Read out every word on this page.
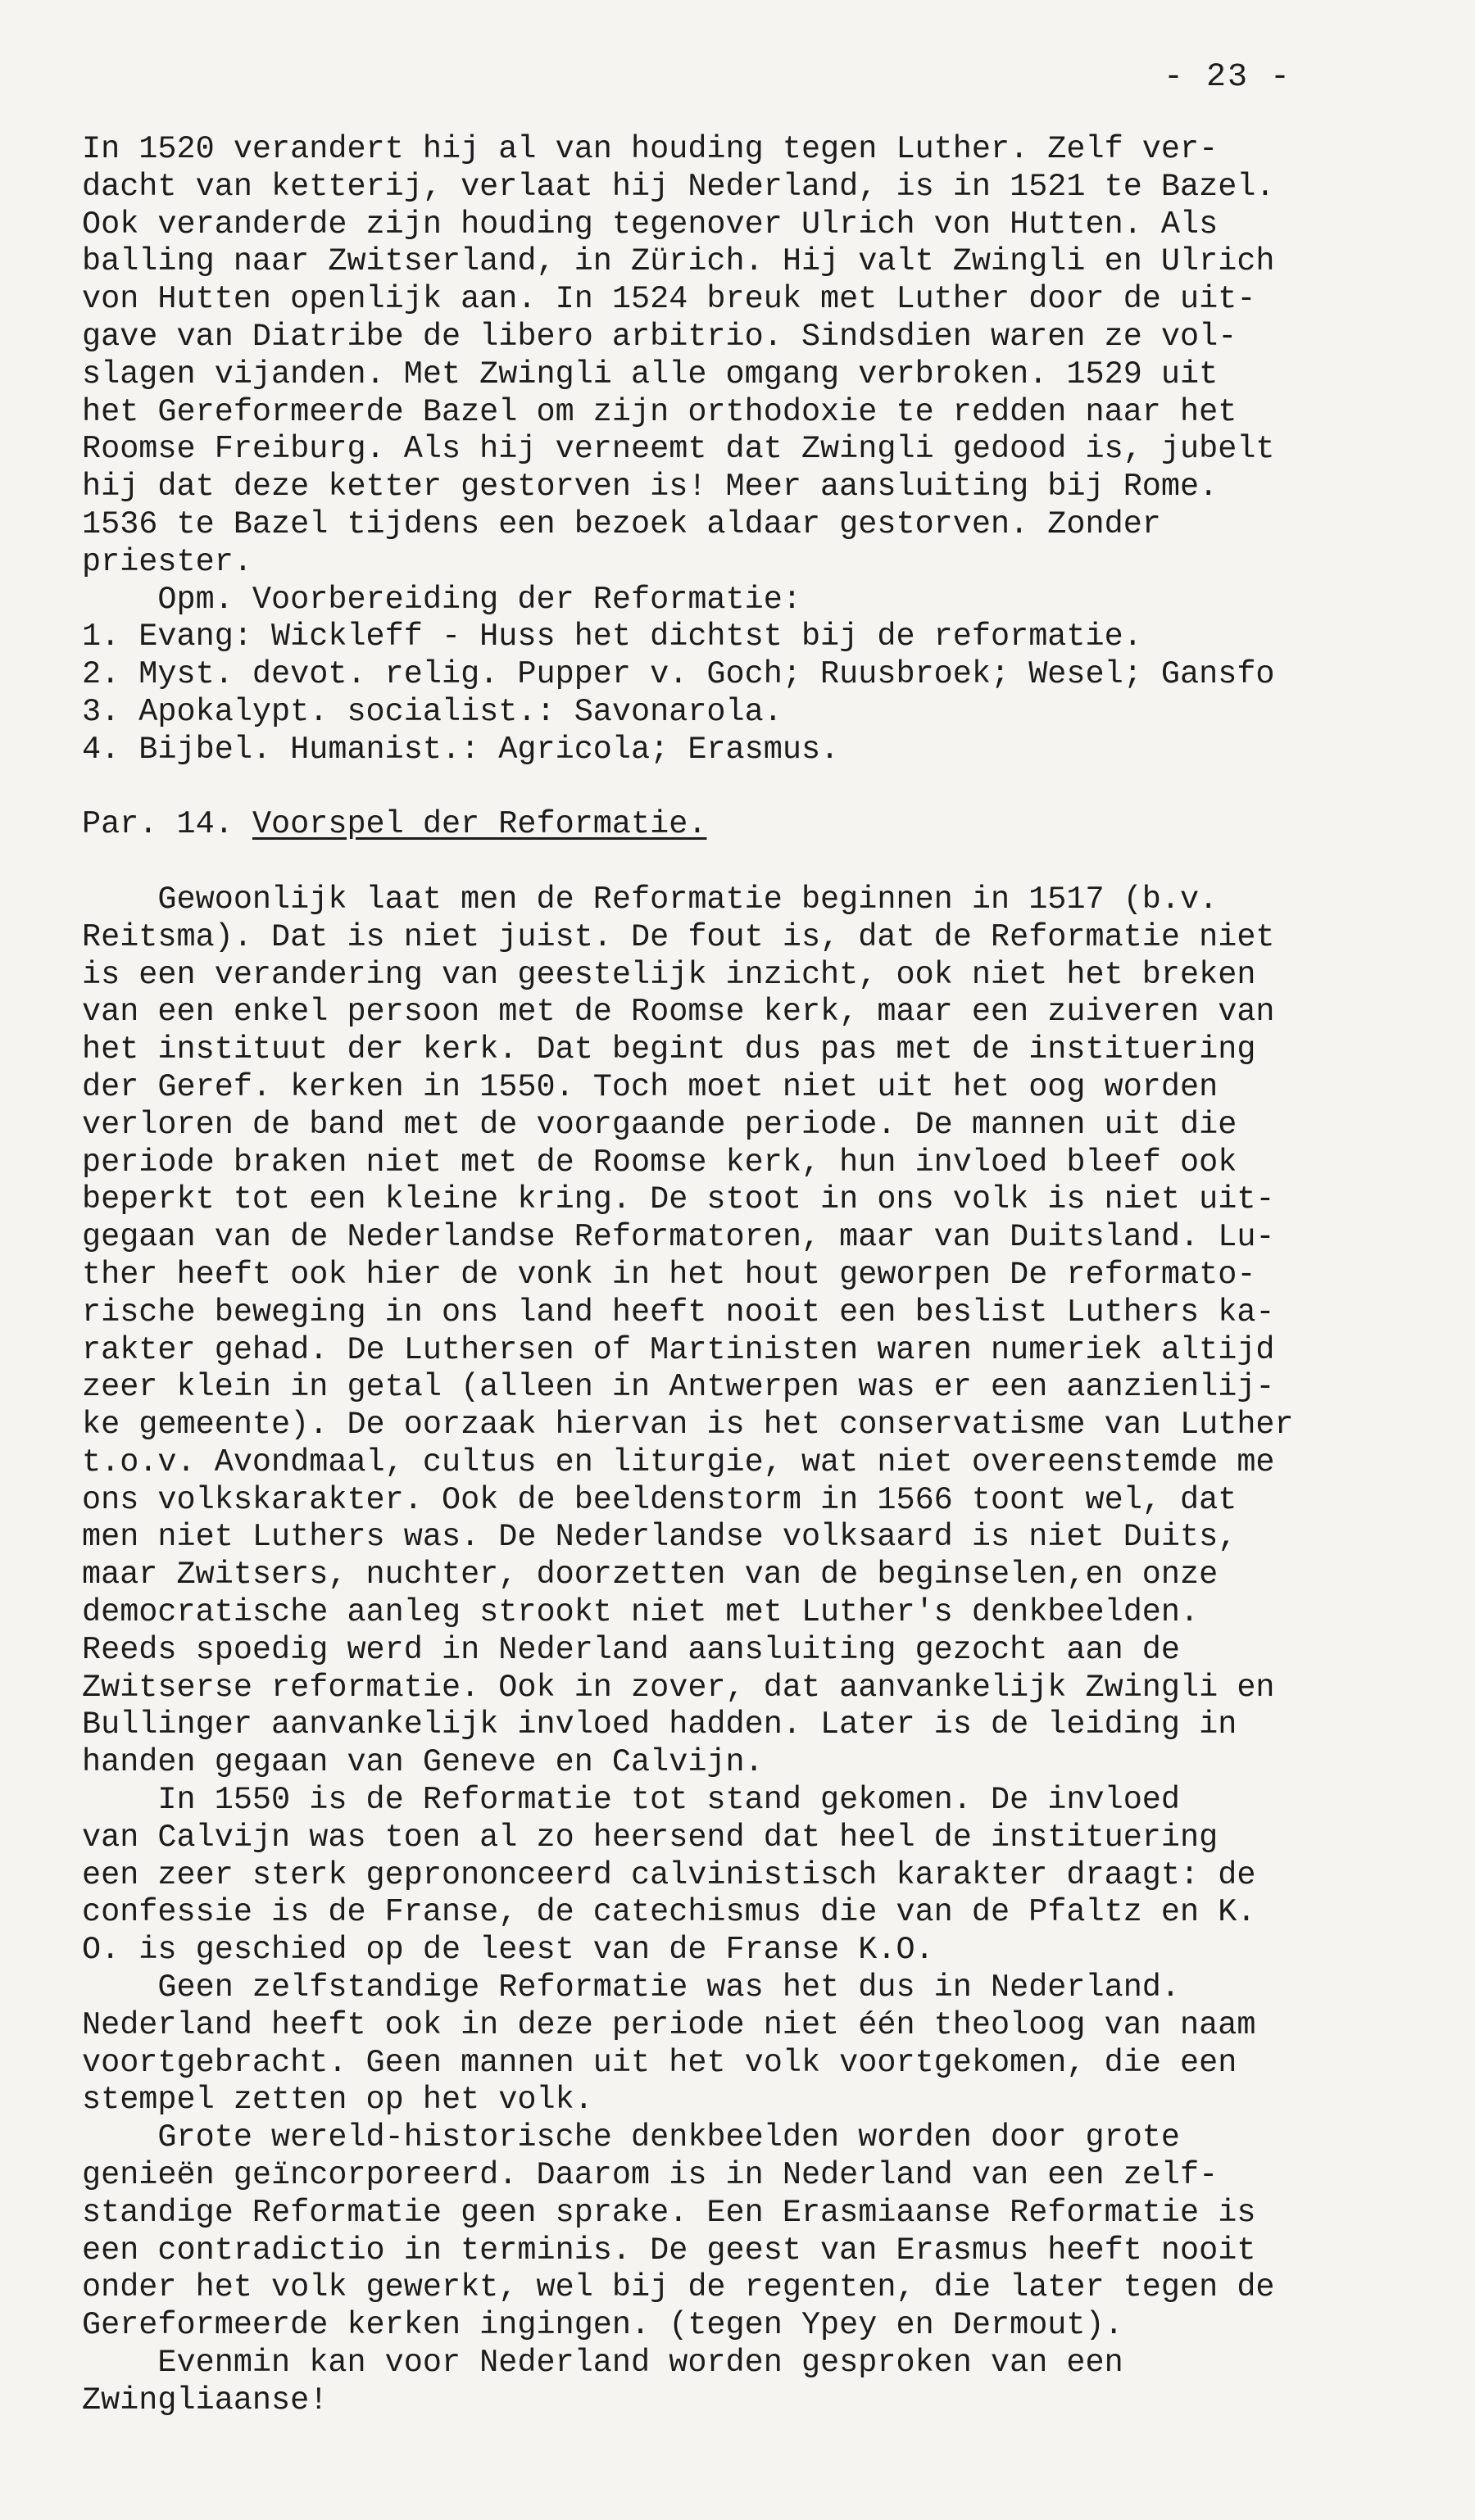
- 23 -
In 1520 verandert hij al van houding tegen Luther. Zelf ver-
dacht van ketterij, verlaat hij Nederland, is in 1521 te Bazel.
Ook veranderde zijn houding tegenover Ulrich von Hutten. Als
balling naar Zwitserland, in Zürich. Hij valt Zwingli en Ulrich
von Hutten openlijk aan. In 1524 breuk met Luther door de uit-
gave van Diatribe de libero arbitrio. Sindsdien waren ze vol-
slagen vijanden. Met Zwingli alle omgang verbroken. 1529 uit
het Gereformeerde Bazel om zijn orthodoxie te redden naar het
Roomse Freiburg. Als hij verneemt dat Zwingli gedood is, jubelt
hij dat deze ketter gestorven is! Meer aansluiting bij Rome.
1536 te Bazel tijdens een bezoek aldaar gestorven. Zonder
priester.
Opm. Voorbereiding der Reformatie:
1. Evang: Wickleff - Huss het dichtst bij de reformatie.
2. Myst. devot. relig. Pupper v. Goch; Ruusbroek; Wesel; Gansfo
3. Apokalypt. socialist.: Savonarola.
4. Bijbel. Humanist.: Agricola; Erasmus.
Par. 14. Voorspel der Reformatie.
Gewoonlijk laat men de Reformatie beginnen in 1517 (b.v.
Reitsma). Dat is niet juist. De fout is, dat de Reformatie niet
is een verandering van geestelijk inzicht, ook niet het breken
van een enkel persoon met de Roomse kerk, maar een zuiveren van
het instituut der kerk. Dat begint dus pas met de instituering
der Geref. kerken in 1550. Toch moet niet uit het oog worden
verloren de band met de voorgaande periode. De mannen uit die
periode braken niet met de Roomse kerk, hun invloed bleef ook
beperkt tot een kleine kring. De stoot in ons volk is niet uit-
gegaan van de Nederlandse Reformatoren, maar van Duitsland. Lu-
ther heeft ook hier de vonk in het hout geworpen De reformato-
rische beweging in ons land heeft nooit een beslist Luthers ka-
rakter gehad. De Luthersen of Martinisten waren numeriek altijd
zeer klein in getal (alleen in Antwerpen was er een aanzienlij-
ke gemeente). De oorzaak hiervan is het conservatisme van Luther
t.o.v. Avondmaal, cultus en liturgie, wat niet overeenstemde me
ons volkskarakter. Ook de beeldenstorm in 1566 toont wel, dat
men niet Luthers was. De Nederlandse volksaard is niet Duits,
maar Zwitsers, nuchter, doorzetten van de beginselen,en onze
democratische aanleg strookt niet met Luther's denkbeelden.
Reeds spoedig werd in Nederland aansluiting gezocht aan de
Zwitserse reformatie. Ook in zover, dat aanvankelijk Zwingli en
Bullinger aanvankelijk invloed hadden. Later is de leiding in
handen gegaan van Geneve en Calvijn.
In 1550 is de Reformatie tot stand gekomen. De invloed
van Calvijn was toen al zo heersend dat heel de instituering
een zeer sterk geprononceerd calvinistisch karakter draagt: de
confessie is de Franse, de catechismus die van de Pfaltz en K.
O. is geschied op de leest van de Franse K.O.
Geen zelfstandige Reformatie was het dus in Nederland.
Nederland heeft ook in deze periode niet één theoloog van naam
voortgebracht. Geen mannen uit het volk voortgekomen, die een
stempel zetten op het volk.
Grote wereld-historische denkbeelden worden door grote
genieën geïncorporeerd. Daarom is in Nederland van een zelf-
standige Reformatie geen sprake. Een Erasmiaanse Reformatie is
een contradictio in terminis. De geest van Erasmus heeft nooit
onder het volk gewerkt, wel bij de regenten, die later tegen de
Gereformeerde kerken ingingen. (tegen Ypey en Dermout).
Evenmin kan voor Nederland worden gesproken van een
Zwingliaanse!
